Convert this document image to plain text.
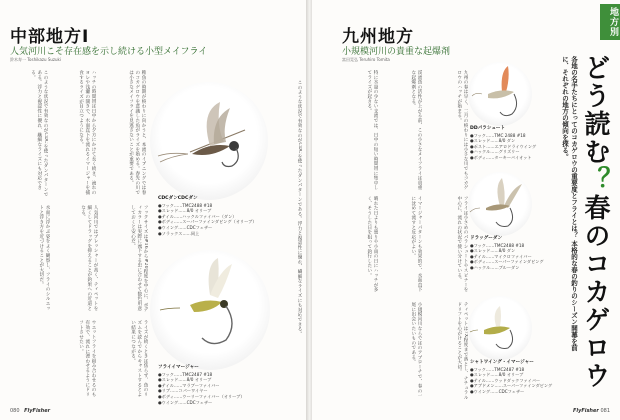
中部地方Ⅰ
人気河川こそ存在感を示し続ける小型メイフライ
鈴木寿一 Toshikazu Suzuki
稚魚の時期が終わりに向かうと、本流のイブニングでは春のコカゲロウを意識した魚がライズを始める。春先の川では小さなメイフライを見逃さないことが重要である。
ハッチの時間帯は日中から夕方にかけて長く続き、流れのヨレや浅瀬の開きで、水面直下を流れるイマージャーを捕食するライズが目立つようになる。
このような状況で有効なのがCDCを使ったダンパターンである。浮力と視認性に優れ、繊細なライズにも対応できる。
フックサイズは#16から#20程度を中心に、ボディカラーは実際に流下する虫に合わせて数色用意しておくと安心だ。
人気河川ではプレッシャーが高く、ティペットを細くしてドラッグを抑えることが釣果への近道となる。
水面に浮かぶ姿をよく観察し、フライのシルエットと浮き方を近づけることが大切だ。
ライズが続くときは焦らず、魚のリズムを読んでからキャストするとよい結果につながる。
ウエットフライを組み合わせるのも有効で、流れに漂わせるようにドリフトさせたい。
CDCダンCDCダン
●フック……TMC2488 #18
●スレッド……8/0 オリーブ
●テイル……ハックルファイバー（ダン）
●ボディ……スーパーファインダビング（オリーブ）
●ウイング……CDCフェザー
●ソラックス……同上
フライイマージャー
●フック……TMC2487 #18
●スレッド……8/0 オリーブ
●テイル……マラブーファイバー
●リブ……コパーワイヤー
●ボディ……ウーリーファイバー（オリーブ）
●ウイング……CDCフェザー
このような状況で有効なのがCDCを使ったダンパターンである。浮力と視認性に優れ、繊細なライズにも対応できる。
080 FlyFisher
九州地方
小規模河川の貴重な起爆剤
富田晃弘 Teruhiro Tomita
九州の春は早く、二月の終わりには小さな川でもコカゲロウのハッチが始まる。
渓流魚の活性が上がる前、この小さなメイフライは貴重な起爆剤となる。
特に水量の少ない支流では、日中の短い時間帯に集中してライズが起きる。
フライは小さめのパラシュートやスピナーを中心に、流れの状況で使い分けている。
イマージャーパターンも効果的で、水面直下に沈めて流すと反応がよい。
晴れた日よりも曇りや小雨の日にハッチが多く、そうした日を狙って釣行したい。
ティペットは7X程度まで落とし、ナチュラルドリフトを心がけることが大切。
小規模河川ならではのアプローチで、春の一尾に出会いたいものである。
DDパラシュート
●フック……TMC 2488 #18
●スレッド……8/0 ダン
●ポスト……エアロドライウイング
●ハックル……グリズリー
●ボディ……ターキーバイオット
ドラッグーダン
●フック……TMC2488 #18
●スレッド……8/0 ダン
●テイル……マイクロファイバー
●ボディ……スーパーファインダビング
●ハックル……ブルーダン
シャトワイング・イマージャー
●フック……TMC2487 #18
●スレッド……8/0 オリーブ
●テイル……ウッドダックファイバー
●アブドメン……スーパーファインダビング
●ウイング……CDCフェザー
地方別
どう読む？春のコカゲロウ
各地の名手たちにとってのコカゲロウの重要度とフライとは？ 本格的な春の釣りのシーズン開幕を前に、それぞれの地方の傾向を探る。
FlyFisher 081
